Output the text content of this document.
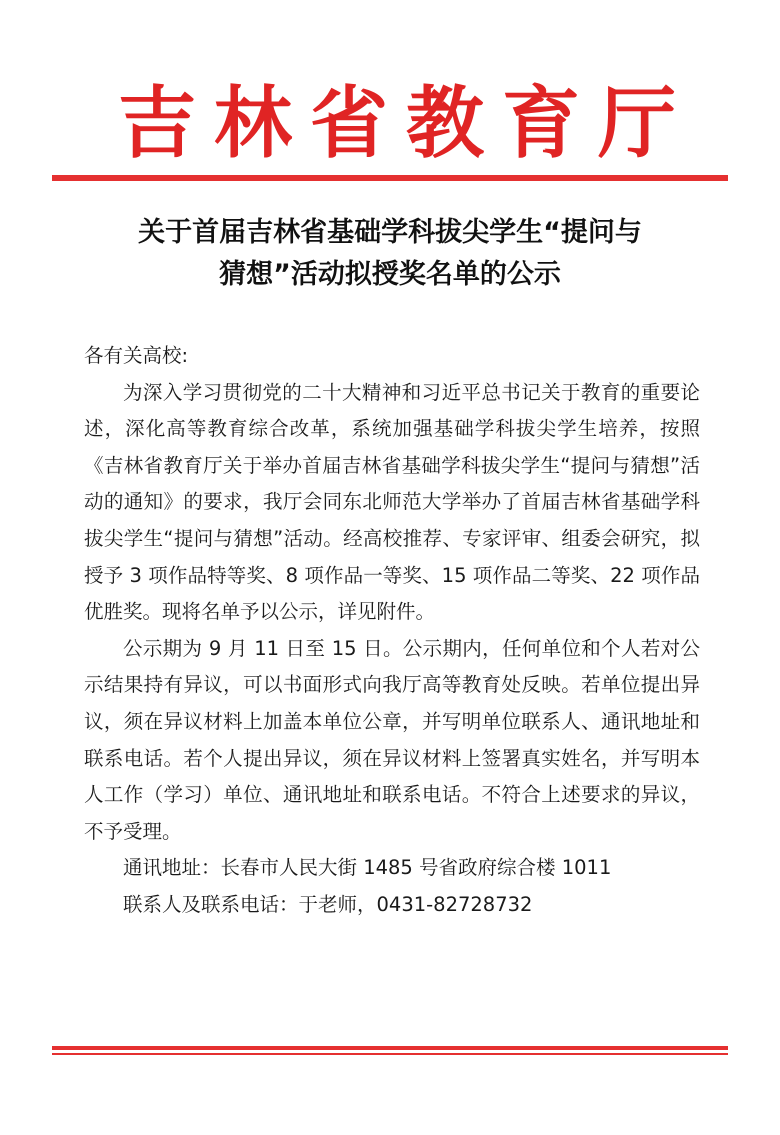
吉 林 省 教 育 厅
关于首届吉林省基础学科拔尖学生“提问与
猜想”活动拟授奖名单的公示

各有关高校:

为深入学习贯彻党的二十大精神和习近平总书记关于教育的重要论述，深化高等教育综合改革，系统加强基础学科拔尖学生培养，按照《吉林省教育厅关于举办首届吉林省基础学科拔尖学生“提问与猜想”活动的通知》的要求，我厅会同东北师范大学举办了首届吉林省基础学科拔尖学生“提问与猜想”活动。经高校推荐、专家评审、组委会研究，拟授予 3 项作品特等奖、8 项作品一等奖、15 项作品二等奖、22 项作品优胜奖。现将名单予以公示，详见附件。

公示期为 9 月 11 日至 15 日。公示期内，任何单位和个人若对公示结果持有异议，可以书面形式向我厅高等教育处反映。若单位提出异议，须在异议材料上加盖本单位公章，并写明单位联系人、通讯地址和联系电话。若个人提出异议，须在异议材料上签署真实姓名，并写明本人工作（学习）单位、通讯地址和联系电话。不符合上述要求的异议，不予受理。

通讯地址：长春市人民大街 1485 号省政府综合楼 1011

联系人及联系电话：于老师，0431-82728732
